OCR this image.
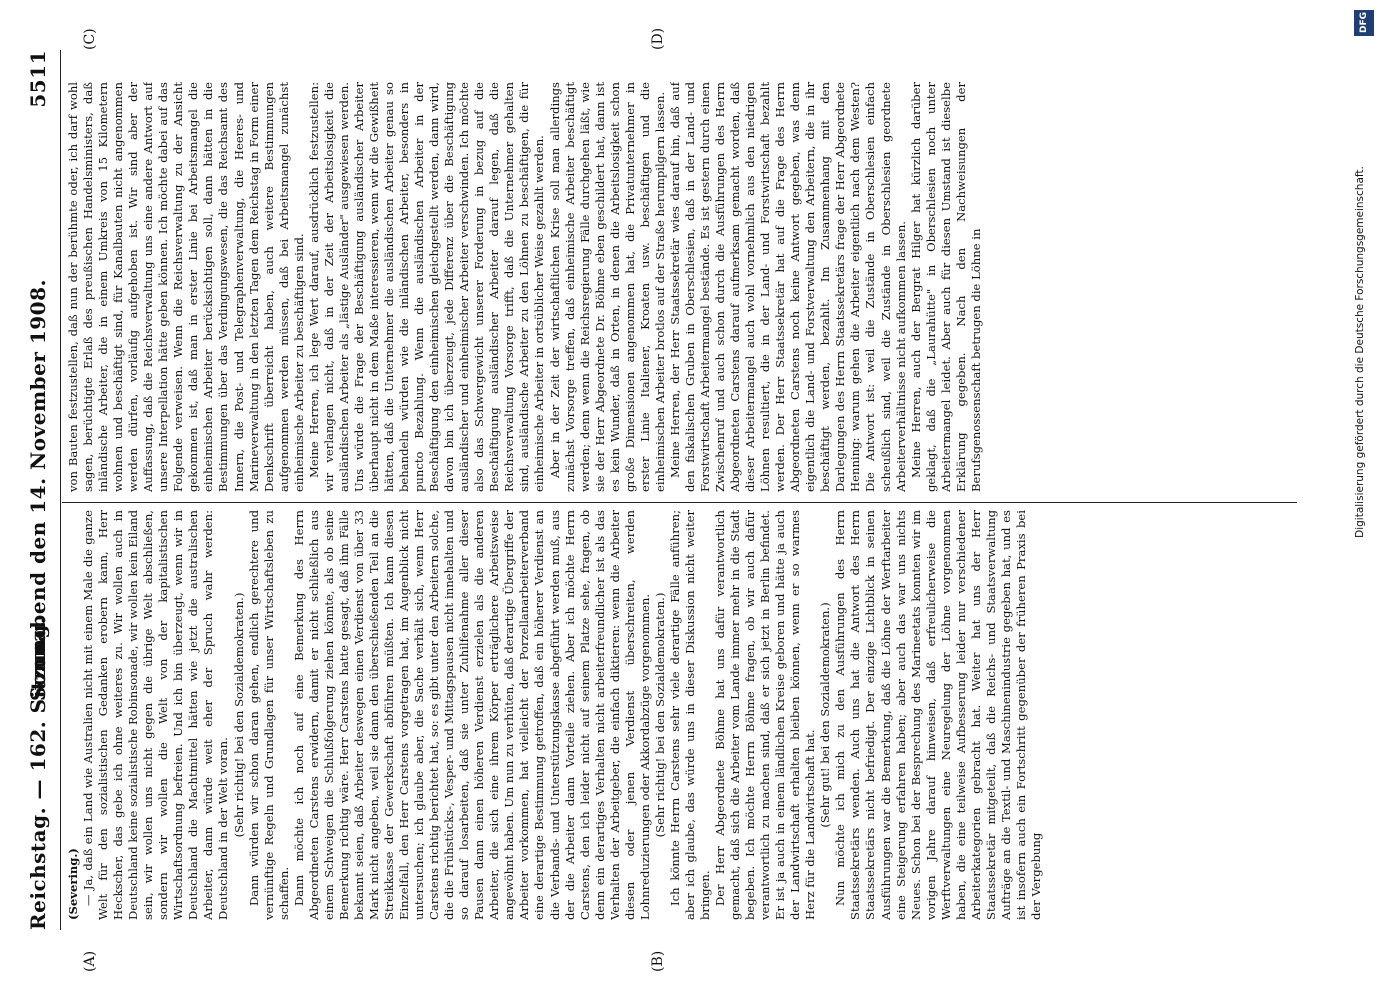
Reichstag. — 162. Sitzung.
Sonnabend den 14. November 1908.
5511
(A)	(B)
(C)	(D)

(Severing.) — Ja, daß ein Land wie Australien nicht mit einem Male die ganze Welt für den sozialistischen Gedanken erobern kann, Herr Heckscher, das gebe ich ohne weiteres zu. Wir wollen auch in Deutschland keine sozialistische Robinsonade, wir wollen kein Eiland sein, wir wollen uns nicht gegen die übrige Welt abschließen, sondern wir wollen die Welt von der kapitalistischen Wirtschaftsordnung befreien. Und ich bin überzeugt, wenn wir in Deutschland die Machtmittel hätten wie jetzt die australischen Arbeiter, dann würde weit eher der Spruch wahr werden: Deutschland in der Welt voran. (Sehr richtig! bei den Sozialdemokraten.) Dann würden wir schon daran gehen, endlich gerechtere und vernünftige Regeln und Grundlagen für unser Wirtschaftsleben zu schaffen. Dann möchte ich noch auf eine Bemerkung des Herrn Abgeordneten Carstens erwidern, damit er nicht schließlich aus einem Schweigen die Schlußfolgerung ziehen könnte, als ob seine Bemerkung richtig wäre. Herr Carstens hatte gesagt, daß ihm Fälle bekannt seien, daß Arbeiter deswegen einen Verdienst von über 33 Mark nicht angeben, weil sie dann den überschießenden Teil an die Streikkasse der Gewerkschaft abführen müßten. Ich kann diesen Einzelfall, den Herr Carstens vorgetragen hat, im Augenblick nicht untersuchen; ich glaube aber, die Sache verhält sich, wenn Herr Carstens richtig berichtet hat, so: es gibt unter den Arbeitern solche, die die Frühstücks-, Vesper- und Mittagspausen nicht innehalten und so darauf losarbeiten, daß sie unter Zuhilfenahme aller dieser Pausen dann einen höheren Verdienst erzielen als die anderen Arbeiter, die sich eine ihrem Körper erträglichere Arbeitsweise angewöhnt haben. Um nun zu verhüten, daß derartige Übergriffe der Arbeiter vorkommen, hat vielleicht der Porzellanarbeiterverband eine derartige Bestimmung getroffen, daß ein höherer Verdienst an die Verbands- und Unterstützungskasse abgeführt werden muß, aus der die Arbeiter dann Vorteile ziehen. Aber ich möchte Herrn Carstens, den ich leider nicht auf seinem Platze sehe, fragen, ob denn ein derartiges Verhalten nicht arbeiterfreundlicher ist als das Verhalten der Arbeitgeber, die einfach diktieren: wenn die Arbeiter diesen oder jenen Verdienst überschreiten, werden Lohnreduzierungen oder Akkordabzüge vorgenommen. (Sehr richtig! bei den Sozialdemokraten.) Ich könnte Herrn Carstens sehr viele derartige Fälle anführen; aber ich glaube, das würde uns in dieser Diskussion nicht weiter bringen. Der Herr Abgeordnete Böhme hat uns dafür verantwortlich gemacht, daß sich die Arbeiter vom Lande immer mehr in die Stadt begeben. Ich möchte Herrn Böhme fragen, ob wir auch dafür verantwortlich zu machen sind, daß er sich jetzt in Berlin befindet. Er ist ja auch in einem ländlichen Kreise geboren und hätte ja auch der Landwirtschaft erhalten bleiben können, wenn er so warmes Herz für die Landwirtschaft hat. (Sehr gut! bei den Sozialdemokraten.) Nun möchte ich mich zu den Ausführungen des Herrn Staatssekretärs wenden. Auch uns hat die Antwort des Herrn Staatssekretärs nicht befriedigt. Der einzige Lichtblick in seinen Ausführungen war die Bemerkung, daß die Löhne der Werftarbeiter eine Steigerung erfahren haben; aber auch das war uns nichts Neues. Schon bei der Besprechung des Marineetats konnten wir im vorigen Jahre darauf hinweisen, daß erfreulicherweise die Werftverwaltungen eine Neuregelung der Löhne vorgenommen haben, die eine teilweise Aufbesserung leider nur verschiedener Arbeiterkategorien gebracht hat. Weiter hat uns der Herr Staatssekretär mitgeteilt, daß die Reichs- und Staatsverwaltung Aufträge an die Textil- und Maschinenindustrie gegeben hat, und es ist insofern auch ein Fortschritt gegenüber der früheren Praxis bei der Vergebung

von Bauten festzustellen, daß nun der berühmte oder, ich darf wohl sagen, berüchtigte Erlaß des preußischen Handelsministers, daß inländische Arbeiter, die in einem Umkreis von 15 Kilometern wohnen und beschäftigt sind, für Kanalbauten nicht angenommen werden dürfen, vorläufig aufgehoben ist. Wir sind aber der Auffassung, daß die Reichsverwaltung uns eine andere Antwort auf unsere Interpellation hätte geben können. Ich möchte dabei auf das Folgende verweisen. Wenn die Reichsverwaltung zu der Ansicht gekommen ist, daß man in erster Linie bei Arbeitsmangel die einheimischen Arbeiter berücksichtigen soll, dann hätten in die Bestimmungen über das Verdingungswesen, die das Reichsamt des Innern, die Post- und Telegraphenverwaltung, die Heeres- und Marineverwaltung in den letzten Tagen dem Reichstag in Form einer Denkschrift überreicht haben, auch weitere Bestimmungen aufgenommen werden müssen, daß bei Arbeitsmangel zunächst einheimische Arbeiter zu beschäftigen sind. Meine Herren, ich lege Wert darauf, ausdrücklich festzustellen: wir verlangen nicht, daß in der Zeit der Arbeitslosigkeit die ausländischen Arbeiter als „lästige Ausländer" ausgewiesen werden. Uns würde die Frage der Beschäftigung ausländischer Arbeiter überhaupt nicht in dem Maße interessieren, wenn wir die Gewißheit hätten, daß die Unternehmer die ausländischen Arbeiter genau so behandeln würden wie die inländischen Arbeiter, besonders in puncto Bezahlung. Wenn die ausländischen Arbeiter in der Beschäftigung den einheimischen gleichgestellt werden, dann wird, davon bin ich überzeugt, jede Differenz über die Beschäftigung ausländischer und einheimischer Arbeiter verschwinden. Ich möchte also das Schwergewicht unserer Forderung in bezug auf die Beschäftigung ausländischer Arbeiter darauf legen, daß die Reichsverwaltung Vorsorge trifft, daß die Unternehmer gehalten sind, ausländische Arbeiter zu den Löhnen zu beschäftigen, die für einheimische Arbeiter in ortsüblicher Weise gezahlt werden. Aber in der Zeit der wirtschaftlichen Krise soll man allerdings zunächst Vorsorge treffen, daß einheimische Arbeiter beschäftigt werden; denn wenn die Reichsregierung Fälle durchgehen läßt, wie sie der Herr Abgeordnete Dr. Böhme eben geschildert hat, dann ist es kein Wunder, daß in Orten, in denen die Arbeitslosigkeit schon große Dimensionen angenommen hat, die Privatunternehmer in erster Linie Italiener, Kroaten usw. beschäftigen und die einheimischen Arbeiter brotlos auf der Straße herumpilgern lassen. Meine Herren, der Herr Staatssekretär wies darauf hin, daß auf den fiskalischen Gruben in Oberschlesien, daß in der Land- und Forstwirtschaft Arbeitermangel bestände. Es ist gestern durch einen Zwischenruf und auch schon durch die Ausführungen des Herrn Abgeordneten Carstens darauf aufmerksam gemacht worden, daß dieser Arbeitermangel auch wohl vornehmlich aus den niedrigen Löhnen resultiert, die in der Land- und Forstwirtschaft bezahlt werden. Der Herr Staatssekretär hat auf die Frage des Herrn Abgeordneten Carstens noch keine Antwort gegeben, was denn eigentlich die Land- und Forstverwaltung den Arbeitern, die in ihr beschäftigt werden, bezahlt. Im Zusammenhang mit den Darlegungen des Herrn Staatssekretärs frage der Herr Abgeordnete Henning: warum gehen die Arbeiter eigentlich nach dem Westen? Die Antwort ist: weil die Zustände in Oberschlesien einfach scheußlich sind, weil die Zustände in Oberschlesien geordnete Arbeiterverhältnisse nicht aufkommen lassen. Meine Herren, auch der Bergrat Hilger hat kürzlich darüber geklagt, daß die „Laurahütte" in Oberschlesien noch unter Arbeitermangel leidet. Aber auch für diesen Umstand ist dieselbe Erklärung gegeben. Nach den Nachweisungen der Berufsgenossenschaft betrugen die Löhne in

DFG
Digitalisierung gefördert durch die Deutsche Forschungsgemeinschaft.
